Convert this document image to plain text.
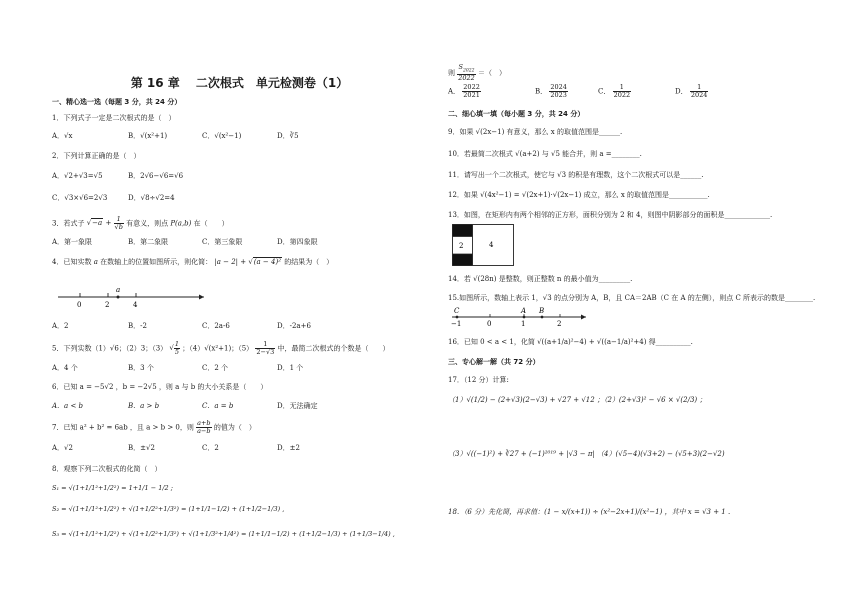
第 16 章　 二次根式　单元检测卷（1）
一、精心选一选（每题 3 分，共 24 分）
1．下列式子一定是二次根式的是（　）
A．√x	B．√(x²+1)	C．√(x²−1)	D．∛5
2．下列计算正确的是（　）
A．√2+√3=√5	B．2√6−√6=√6
C．√3×√6=2√3	D．√8÷√2=4
3．若式子 $√-a + \frac{1}{√b}$ 有意义，则点 P(a,b) 在（　　）
A．第一象限	B．第二象限	C．第三象限	D．第四象限
4．已知实数 a 在数轴上的位置如图所示，则化简： |a − 2| + √(a − 4)² 的结果为（　）
0	2	4
a
A．2	B．-2	C．2a-6	D．-2a+6
5．下列实数（1）√6；（2）3；（3） √ $\frac{1}{5}$ ；（4）√(x²+1)；$(5) \frac{1}{2-√3}$ 中，最简二次根式的个数是（　　）
A．4 个	B．3 个	C．2 个	D．1 个
6．已知 a = −5√2 ，b = −2√5 ，则 a 与 b 的大小关系是（　　）
A．a < b	B．a > b	C．a = b	D．无法确定
7．已知 a² + b² = 6ab ，且 a > b > 0，则 $\frac{a+b}{a-b}$ 的值为（　）
A．√2	B．±√2	C．2	D．±2
8．观察下列二次根式的化简（　）
S₁ = √(1+1/1²+1/2²) = 1+1/1 − 1/2 ;
S₂ = √(1+1/1²+1/2²) + √(1+1/2²+1/3²) = (1+1/1−1/2) + (1+1/2−1/3) ,
S₃ = √(1+1/1²+1/2²) + √(1+1/2²+1/3²) + √(1+1/3²+1/4²) = (1+1/1−1/2) + (1+1/2−1/3) + (1+1/3−1/4) ,
则 $\frac{S_{2022}}{2022}$ ＝（　）
A． $\frac{2022}{2021}$	B． $\frac{2024}{2023}$	C． $\frac{1}{2022}$	D． $\frac{1}{2024}$
二、细心填一填（每小题 3 分，共 24 分）
9．如果 √(2x−1) 有意义，那么 x 的取值范围是______.
10．若最简二次根式 √(a+2) 与 √5 能合并，则 a =________.
11．请写出一个二次根式，使它与 √3 的积是有理数，这个二次根式可以是______.
12．如果 √(4x²−1) = √(2x+1)·√(2x−1) 成立，那么 x 的取值范围是___________.
13．如图，在矩形内有两个相邻的正方形，面积分别为 2 和 4，则图中阴影部分的面积是_____________.
2	4
14．若 √(28n) 是整数，则正整数 n 的最小值为_________.
15.如图所示，数轴上表示 1，√3 的点分别为 A，B，且 CA＝2AB（C 在 A 的左侧），则点 C 所表示的数是________.
C	A B
−1	0	1	2
16．已知 0 < a < 1，化简 √((a+1/a)²−4) + √((a−1/a)²+4) 得__________.
三、专心解一解（共 72 分）
17．（12 分）计算:
（1）√(1/2) − (2+√3)(2−√3) + √27 + √12 ；（2）(2+√3)² − √6 × √(2/3) ；
（3）√((−1)²) + ∛27 + (−1)²⁰¹⁹ + |√3 − π| （4）(√5−4)(√3+2) − (√5+3)(2−√2)
18．（6 分）先化简，再求值：(1 − x/(x+1)) ÷ (x²−2x+1)/(x²−1) ，其中 x = √3 + 1 .
